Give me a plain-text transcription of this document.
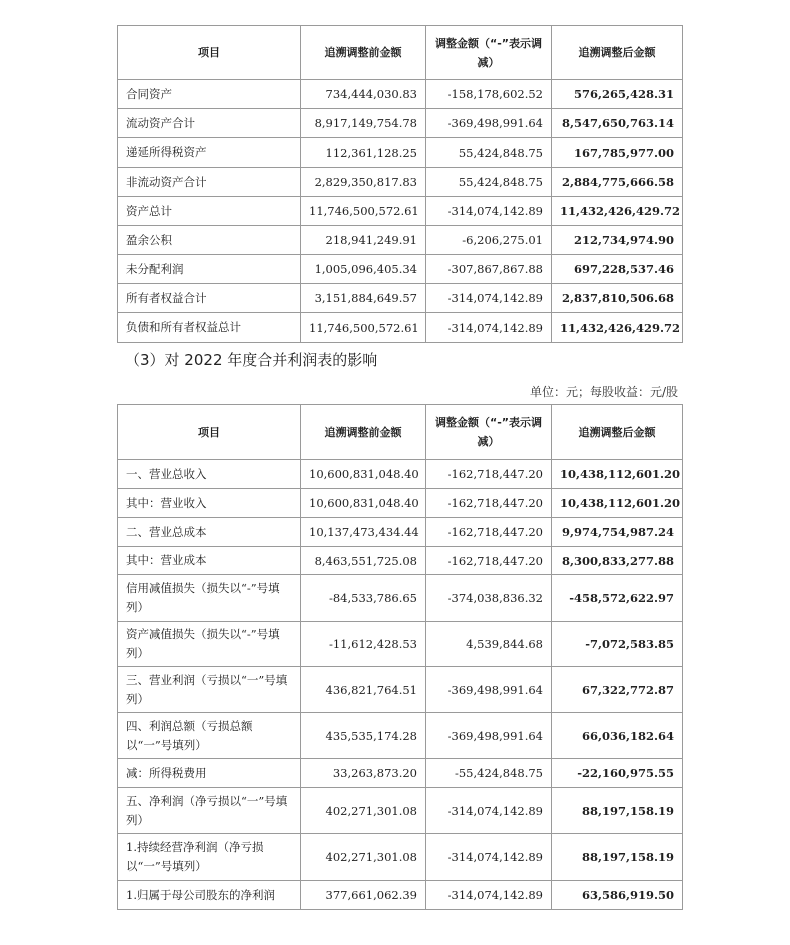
项目	追溯调整前金额	调整金额（“-”表示调减）	追溯调整后金额
合同资产	734,444,030.83	-158,178,602.52	576,265,428.31
流动资产合计	8,917,149,754.78	-369,498,991.64	8,547,650,763.14
递延所得税资产	112,361,128.25	55,424,848.75	167,785,977.00
非流动资产合计	2,829,350,817.83	55,424,848.75	2,884,775,666.58
资产总计	11,746,500,572.61	-314,074,142.89	11,432,426,429.72
盈余公积	218,941,249.91	-6,206,275.01	212,734,974.90
未分配利润	1,005,096,405.34	-307,867,867.88	697,228,537.46
所有者权益合计	3,151,884,649.57	-314,074,142.89	2,837,810,506.68
负债和所有者权益总计	11,746,500,572.61	-314,074,142.89	11,432,426,429.72
（3）对 2022 年度合并利润表的影响
单位：元；每股收益：元/股
项目	追溯调整前金额	调整金额（“-”表示调减）	追溯调整后金额
一、营业总收入	10,600,831,048.40	-162,718,447.20	10,438,112,601.20
其中：营业收入	10,600,831,048.40	-162,718,447.20	10,438,112,601.20
二、营业总成本	10,137,473,434.44	-162,718,447.20	9,974,754,987.24
其中：营业成本	8,463,551,725.08	-162,718,447.20	8,300,833,277.88
信用减值损失（损失以“-”号填列）	-84,533,786.65	-374,038,836.32	-458,572,622.97
资产减值损失（损失以“-”号填列）	-11,612,428.53	4,539,844.68	-7,072,583.85
三、营业利润（亏损以“一”号填列）	436,821,764.51	-369,498,991.64	67,322,772.87
四、利润总额（亏损总额以“一”号填列）	435,535,174.28	-369,498,991.64	66,036,182.64
减：所得税费用	33,263,873.20	-55,424,848.75	-22,160,975.55
五、净利润（净亏损以“一”号填列）	402,271,301.08	-314,074,142.89	88,197,158.19
1.持续经营净利润（净亏损以“一”号填列）	402,271,301.08	-314,074,142.89	88,197,158.19
1.归属于母公司股东的净利润	377,661,062.39	-314,074,142.89	63,586,919.50
